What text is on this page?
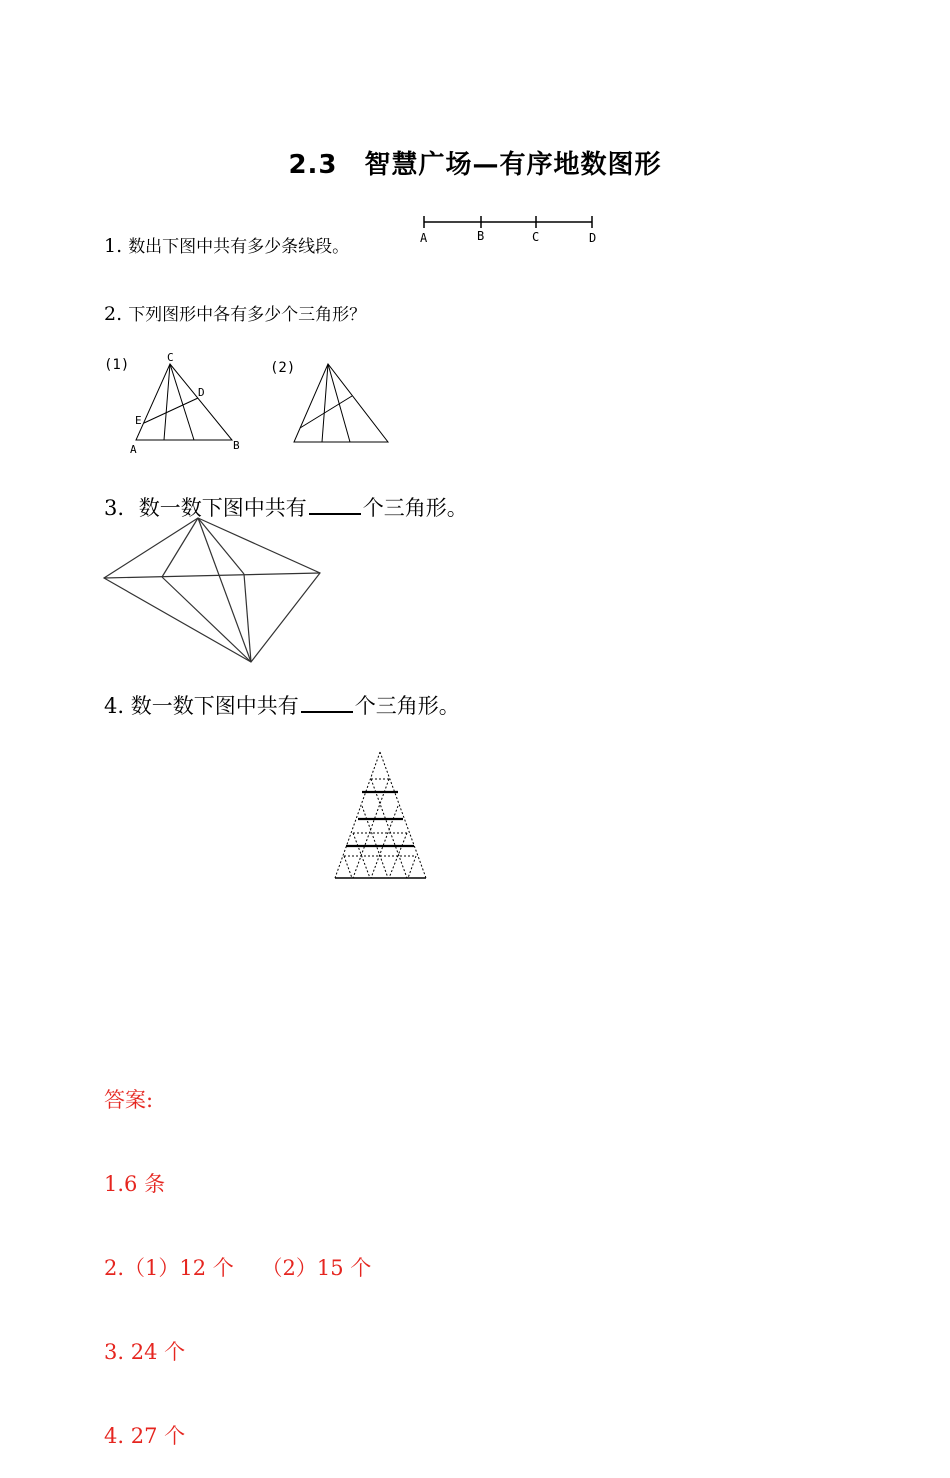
2.3　智慧广场—有序地数图形
1. 数出下图中共有多少条线段。	A	B	C	D
2. 下列图形中各有多少个三角形？
(1)	C
D
E
A	B
(2)
3. 数一数下图中共有	个三角形。
4. 数一数下图中共有	个三角形。

答案:

1.6 条

2.（1）12 个　 （2）15 个

3. 24 个

4. 27 个
